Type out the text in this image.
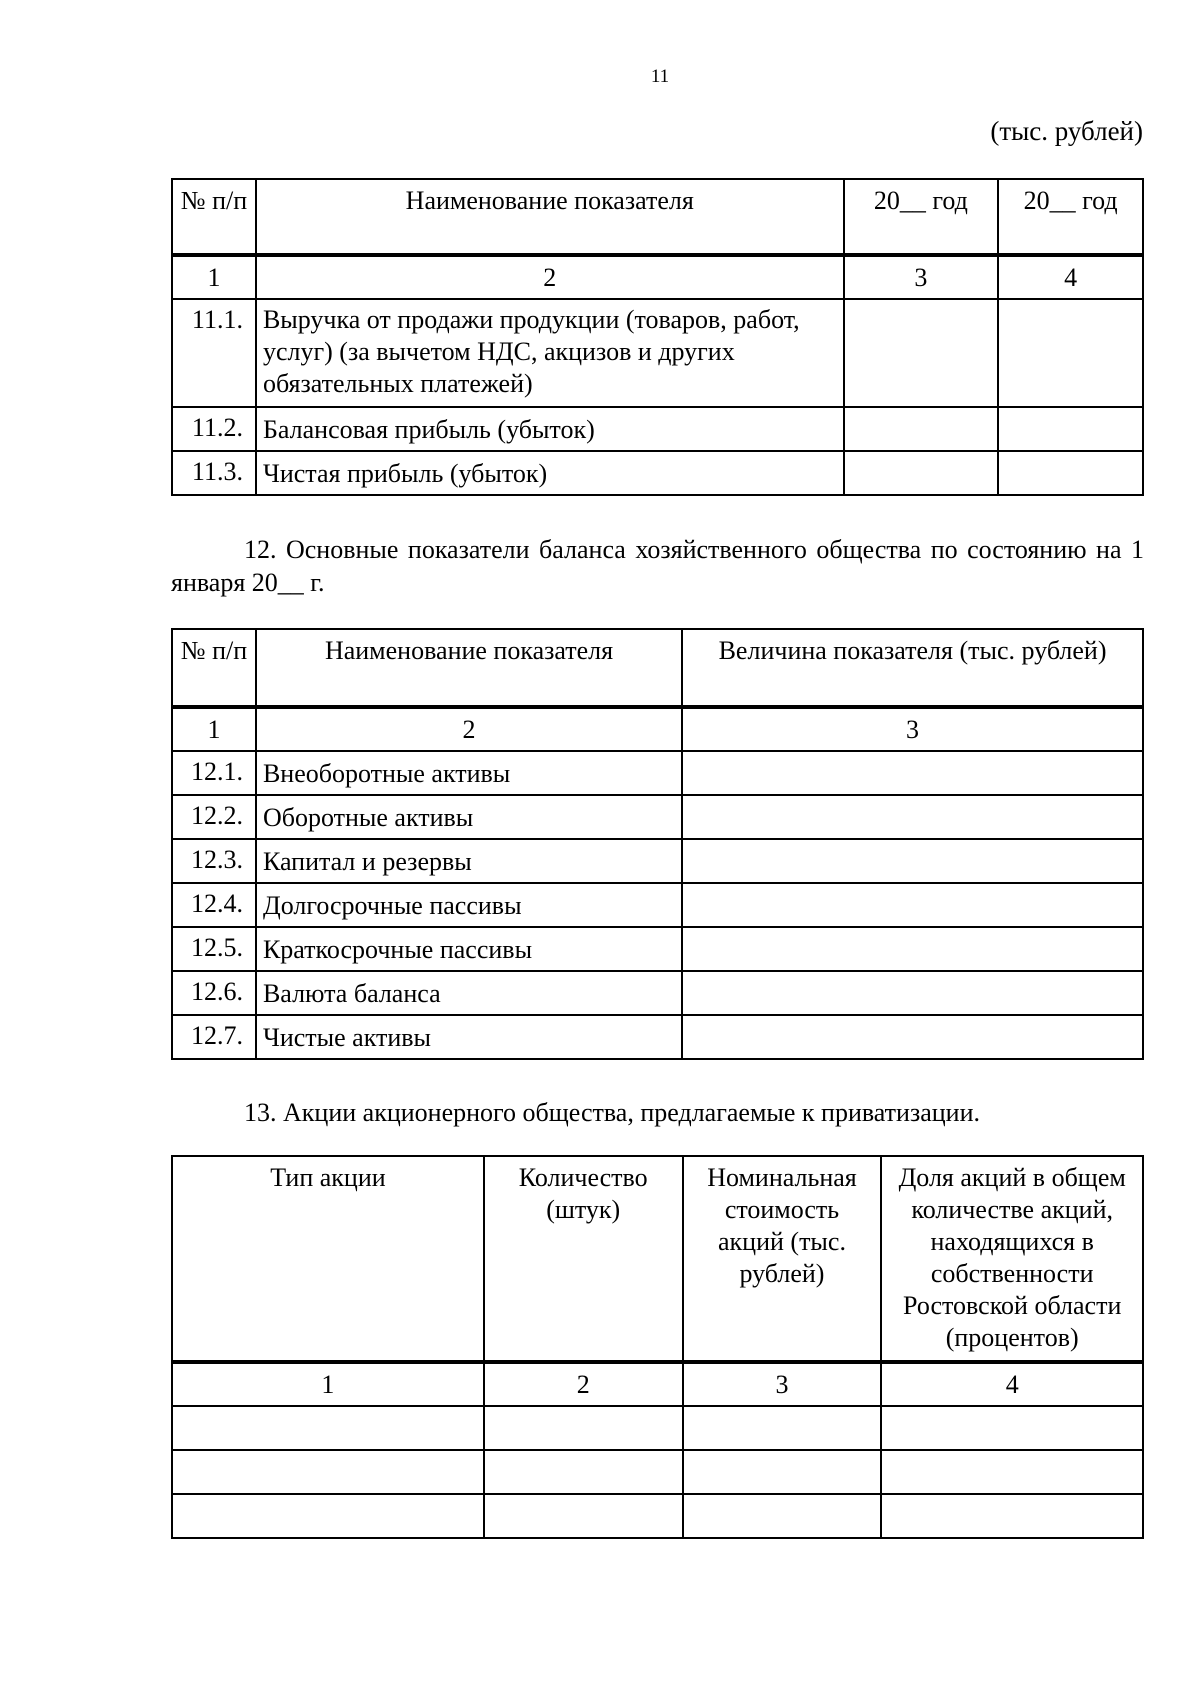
11
(тыс. рублей)
№ п/п	Наименование показателя	20__ год	20__ год
1	2	3	4
11.1.	Выручка от продажи продукции (товаров, работ, услуг) (за вычетом НДС, акцизов и других обязательных платежей)		
11.2.	Балансовая прибыль (убыток)		
11.3.	Чистая прибыль (убыток)		
12. Основные показатели баланса хозяйственного общества по состоянию на 1 января 20__ г.
№ п/п	Наименование показателя	Величина показателя (тыс. рублей)
1	2	3
12.1.	Внеоборотные активы	
12.2.	Оборотные активы	
12.3.	Капитал и резервы	
12.4.	Долгосрочные пассивы	
12.5.	Краткосрочные пассивы	
12.6.	Валюта баланса	
12.7.	Чистые активы	
13. Акции акционерного общества, предлагаемые к приватизации.
Тип акции	Количество (штук)	Номинальная стоимость акций (тыс. рублей)	Доля акций в общем количестве акций, находящихся в собственности Ростовской области (процентов)
1	2	3	4
